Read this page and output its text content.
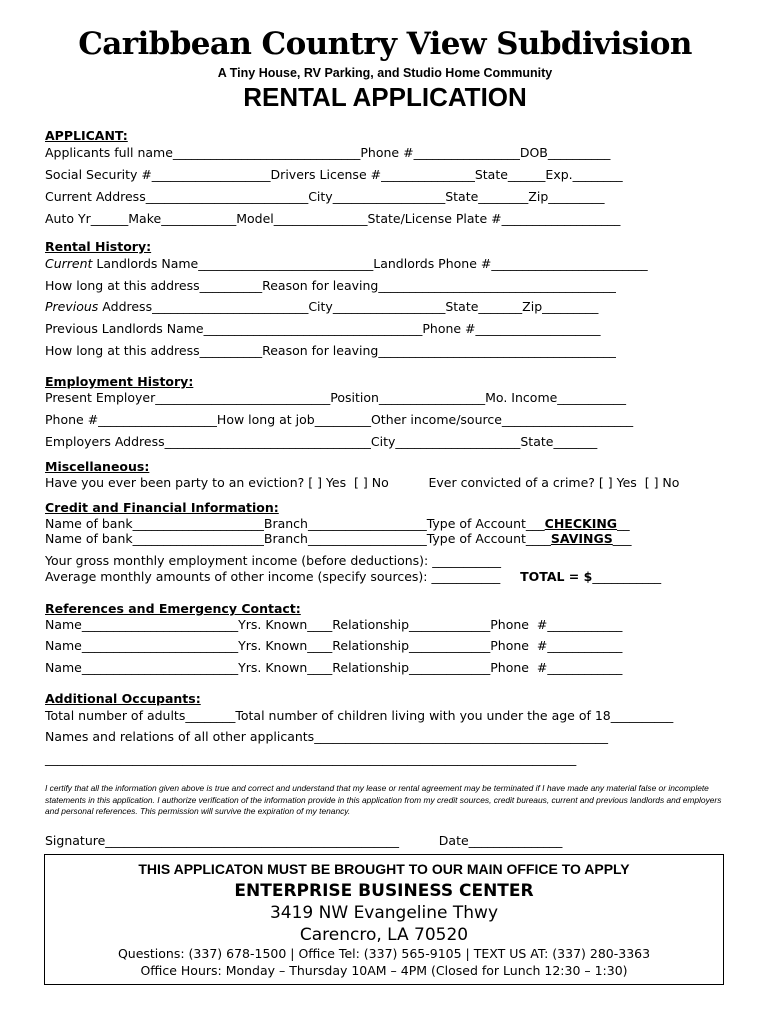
Caribbean Country View Subdivision
A Tiny House, RV Parking, and Studio Home Community
RENTAL APPLICATION
APPLICANT:
Applicants full name______________________________Phone #_________________DOB__________
Social Security #___________________Drivers License #_______________State______Exp.________
Current Address__________________________City__________________State________Zip_________
Auto Yr______Make____________Model_______________State/License Plate #___________________
Rental History:
Current Landlords Name____________________________Landlords Phone #_________________________
How long at this address__________Reason for leaving______________________________________
Previous Address_________________________City__________________State_______Zip_________
Previous Landlords Name___________________________________Phone #____________________
How long at this address__________Reason for leaving______________________________________
Employment History:
Present Employer____________________________Position_________________Mo. Income___________
Phone #___________________How long at job_________Other income/source_____________________
Employers Address_________________________________City____________________State_______
Miscellaneous:
Have you ever been party to an eviction? [ ] Yes  [ ] No          Ever convicted of a crime? [ ] Yes  [ ] No
Credit and Financial Information:
Name of bank_____________________Branch___________________Type of Account___CHECKING__
Name of bank_____________________Branch___________________Type of Account____SAVINGS___
Your gross monthly employment income (before deductions): ___________
Average monthly amounts of other income (specify sources): ___________     TOTAL = $___________
References and Emergency Contact:
Name_________________________Yrs. Known____Relationship_____________Phone  #____________
Name_________________________Yrs. Known____Relationship_____________Phone  #____________
Name_________________________Yrs. Known____Relationship_____________Phone  #____________
Additional Occupants:
Total number of adults________Total number of children living with you under the age of 18__________
Names and relations of all other applicants_______________________________________________
_____________________________________________________________________________________
I certify that all the information given above is true and correct and understand that my lease or rental agreement may be terminated if I have made any material false or incomplete statements in this application. I authorize verification of the information provide in this application from my credit sources, credit bureaus, current and previous landlords and employers and personal references. This permission will survive the expiration of my tenancy.
Signature_______________________________________________          Date_______________
THIS APPLICATON MUST BE BROUGHT TO OUR MAIN OFFICE TO APPLY
ENTERPRISE BUSINESS CENTER
3419 NW Evangeline Thwy
Carencro, LA 70520
Questions: (337) 678-1500 | Office Tel: (337) 565-9105 | TEXT US AT: (337) 280-3363
Office Hours: Monday – Thursday 10AM – 4PM (Closed for Lunch 12:30 – 1:30)
